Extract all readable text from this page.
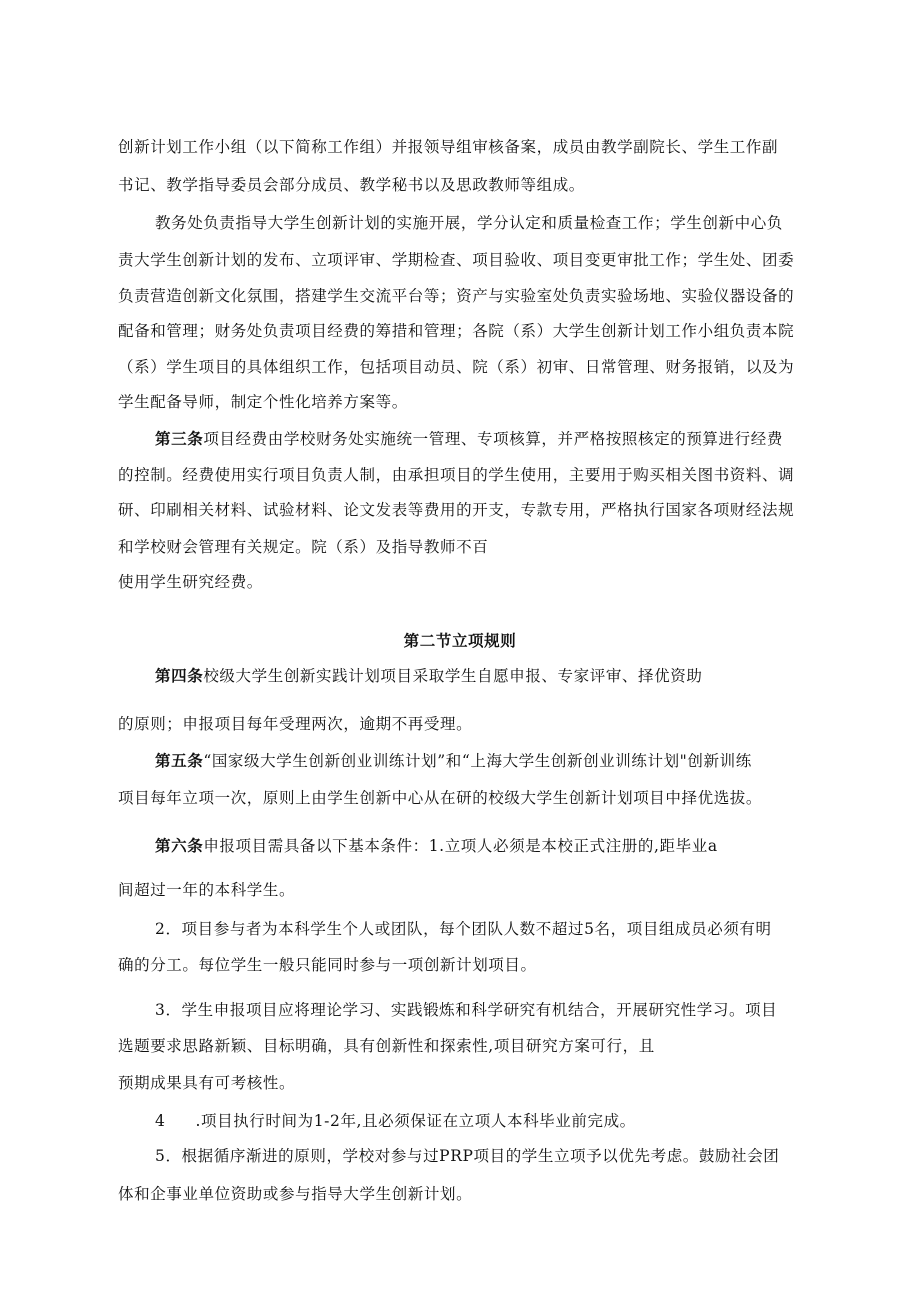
创新计划工作小组（以下简称工作组）并报领导组审核备案，成员由教学副院长、学生工作副
书记、教学指导委员会部分成员、教学秘书以及思政教师等组成。
教务处负责指导大学生创新计划的实施开展，学分认定和质量检查工作；学生创新中心负
责大学生创新计划的发布、立项评审、学期检查、项目验收、项目变更审批工作；学生处、团委
负责营造创新文化氛围，搭建学生交流平台等；资产与实验室处负责实验场地、实验仪器设备的
配备和管理；财务处负责项目经费的筹措和管理；各院（系）大学生创新计划工作小组负责本院
（系）学生项目的具体组织工作，包括项目动员、院（系）初审、日常管理、财务报销，以及为
学生配备导师，制定个性化培养方案等。
第三条项目经费由学校财务处实施统一管理、专项核算，并严格按照核定的预算进行经费
的控制。经费使用实行项目负责人制，由承担项目的学生使用，主要用于购买相关图书资料、调
研、印刷相关材料、试验材料、论文发表等费用的开支，专款专用，严格执行国家各项财经法规
和学校财会管理有关规定。院（系）及指导教师不百
使用学生研究经费。
第二节立项规则
第四条校级大学生创新实践计划项目采取学生自愿申报、专家评审、择优资助
的原则；申报项目每年受理两次，逾期不再受理。
第五条“国家级大学生创新创业训练计划”和“上海大学生创新创业训练计划"创新训练
项目每年立项一次，原则上由学生创新中心从在研的校级大学生创新计划项目中择优选拔。
第六条申报项目需具备以下基本条件：1.立项人必须是本校正式注册的,距毕业a
间超过一年的本科学生。
2．项目参与者为本科学生个人或团队，每个团队人数不超过5名，项目组成员必须有明
确的分工。每位学生一般只能同时参与一项创新计划项目。
3．学生申报项目应将理论学习、实践锻炼和科学研究有机结合，开展研究性学习。项目
选题要求思路新颖、目标明确，具有创新性和探索性,项目研究方案可行，且
预期成果具有可考核性。
4 .项目执行时间为1-2年,且必须保证在立项人本科毕业前完成。
5．根据循序渐进的原则，学校对参与过PRP项目的学生立项予以优先考虑。鼓励社会团
体和企事业单位资助或参与指导大学生创新计划。
